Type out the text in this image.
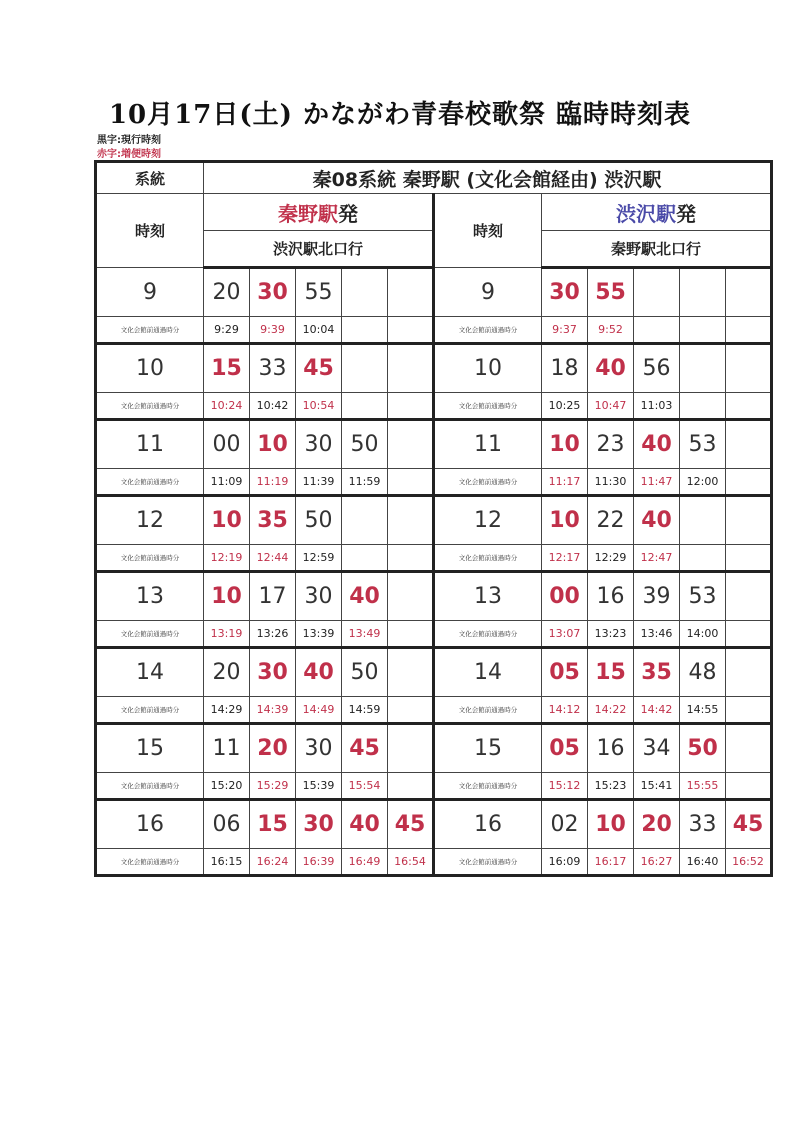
10月17日(土) かながわ青春校歌祭 臨時時刻表
黒字:現行時刻
赤字:増便時刻
系統	秦08系統 秦野駅 (文化会館経由) 渋沢駅										
時刻	秦野駅発					時刻	渋沢駅発				
	渋沢駅北口行						秦野駅北口行				
9	20	30	55			9	30	55			
文化会館前通過時分	9:29	9:39	10:04			文化会館前通過時分	9:37	9:52			
10	15	33	45			10	18	40	56		
文化会館前通過時分	10:24	10:42	10:54			文化会館前通過時分	10:25	10:47	11:03		
11	00	10	30	50		11	10	23	40	53	
文化会館前通過時分	11:09	11:19	11:39	11:59		文化会館前通過時分	11:17	11:30	11:47	12:00	
12	10	35	50			12	10	22	40		
文化会館前通過時分	12:19	12:44	12:59			文化会館前通過時分	12:17	12:29	12:47		
13	10	17	30	40		13	00	16	39	53	
文化会館前通過時分	13:19	13:26	13:39	13:49		文化会館前通過時分	13:07	13:23	13:46	14:00	
14	20	30	40	50		14	05	15	35	48	
文化会館前通過時分	14:29	14:39	14:49	14:59		文化会館前通過時分	14:12	14:22	14:42	14:55	
15	11	20	30	45		15	05	16	34	50	
文化会館前通過時分	15:20	15:29	15:39	15:54		文化会館前通過時分	15:12	15:23	15:41	15:55	
16	06	15	30	40	45	16	02	10	20	33	45
文化会館前通過時分	16:15	16:24	16:39	16:49	16:54	文化会館前通過時分	16:09	16:17	16:27	16:40	16:52
